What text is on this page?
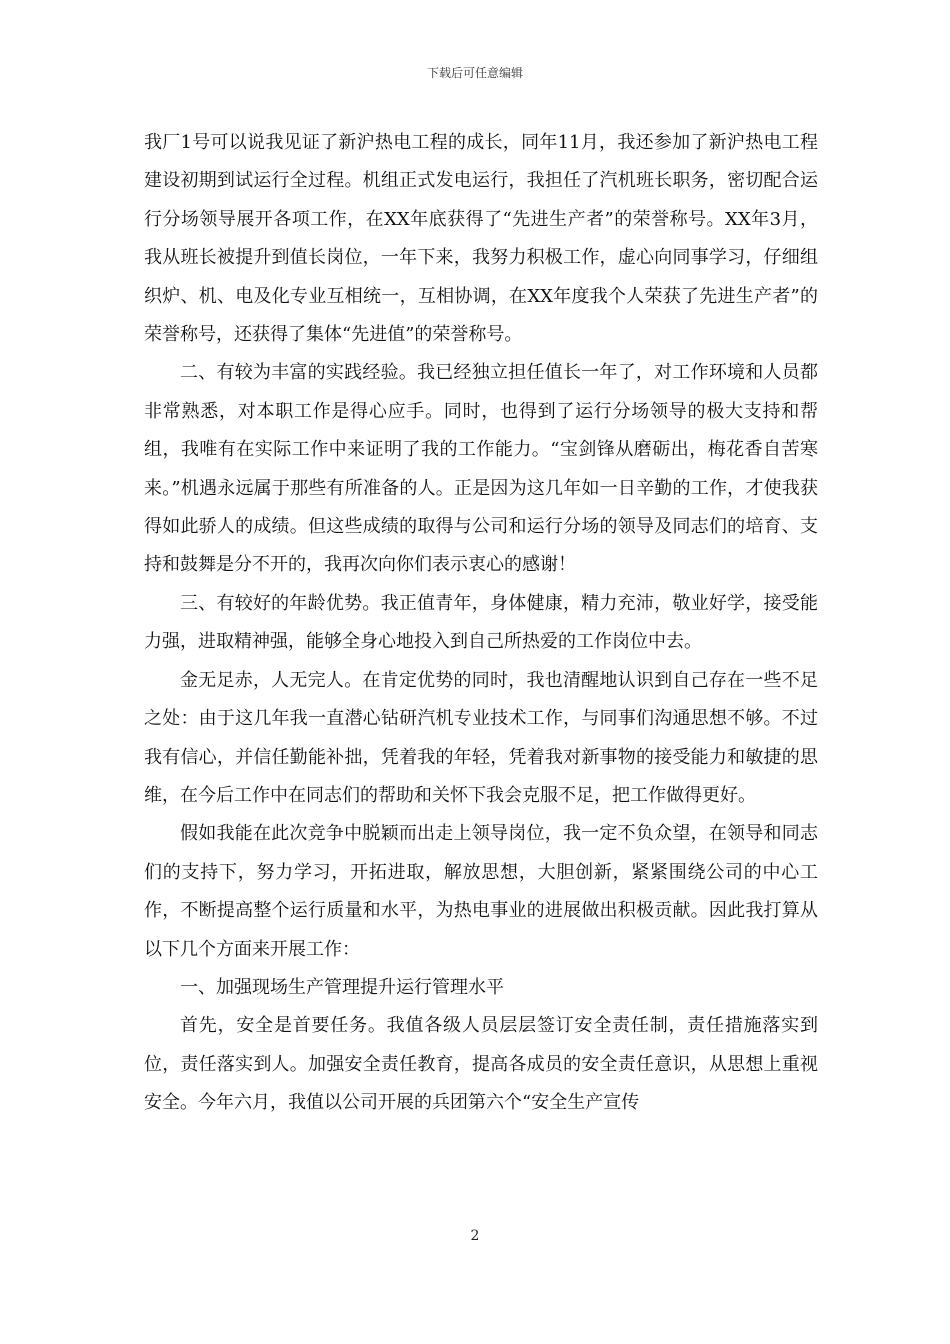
下载后可任意编辑

我厂1号可以说我见证了新沪热电工程的成长，同年11月，我还参加了新沪热电工程建设初期到试运行全过程。机组正式发电运行，我担任了汽机班长职务，密切配合运行分场领导展开各项工作，在XX年底获得了“先进生产者”的荣誉称号。XX年3月，我从班长被提升到值长岗位，一年下来，我努力积极工作，虚心向同事学习，仔细组织炉、机、电及化专业互相统一，互相协调，在XX年度我个人荣获了先进生产者”的荣誉称号，还获得了集体“先进值”的荣誉称号。

二、有较为丰富的实践经验。我已经独立担任值长一年了，对工作环境和人员都非常熟悉，对本职工作是得心应手。同时，也得到了运行分场领导的极大支持和帮组，我唯有在实际工作中来证明了我的工作能力。“宝剑锋从磨砺出，梅花香自苦寒来。”机遇永远属于那些有所准备的人。正是因为这几年如一日辛勤的工作，才使我获得如此骄人的成绩。但这些成绩的取得与公司和运行分场的领导及同志们的培育、支持和鼓舞是分不开的，我再次向你们表示衷心的感谢！

三、有较好的年龄优势。我正值青年，身体健康，精力充沛，敬业好学，接受能力强，进取精神强，能够全身心地投入到自己所热爱的工作岗位中去。

金无足赤，人无完人。在肯定优势的同时，我也清醒地认识到自己存在一些不足之处：由于这几年我一直潜心钻研汽机专业技术工作，与同事们沟通思想不够。不过我有信心，并信任勤能补拙，凭着我的年轻，凭着我对新事物的接受能力和敏捷的思维，在今后工作中在同志们的帮助和关怀下我会克服不足，把工作做得更好。

假如我能在此次竞争中脱颖而出走上领导岗位，我一定不负众望，在领导和同志们的支持下，努力学习，开拓进取，解放思想，大胆创新，紧紧围绕公司的中心工作，不断提高整个运行质量和水平，为热电事业的进展做出积极贡献。因此我打算从以下几个方面来开展工作：

一、加强现场生产管理提升运行管理水平

首先，安全是首要任务。我值各级人员层层签订安全责任制，责任措施落实到位，责任落实到人。加强安全责任教育，提高各成员的安全责任意识，从思想上重视安全。今年六月，我值以公司开展的兵团第六个“安全生产宣传

2
